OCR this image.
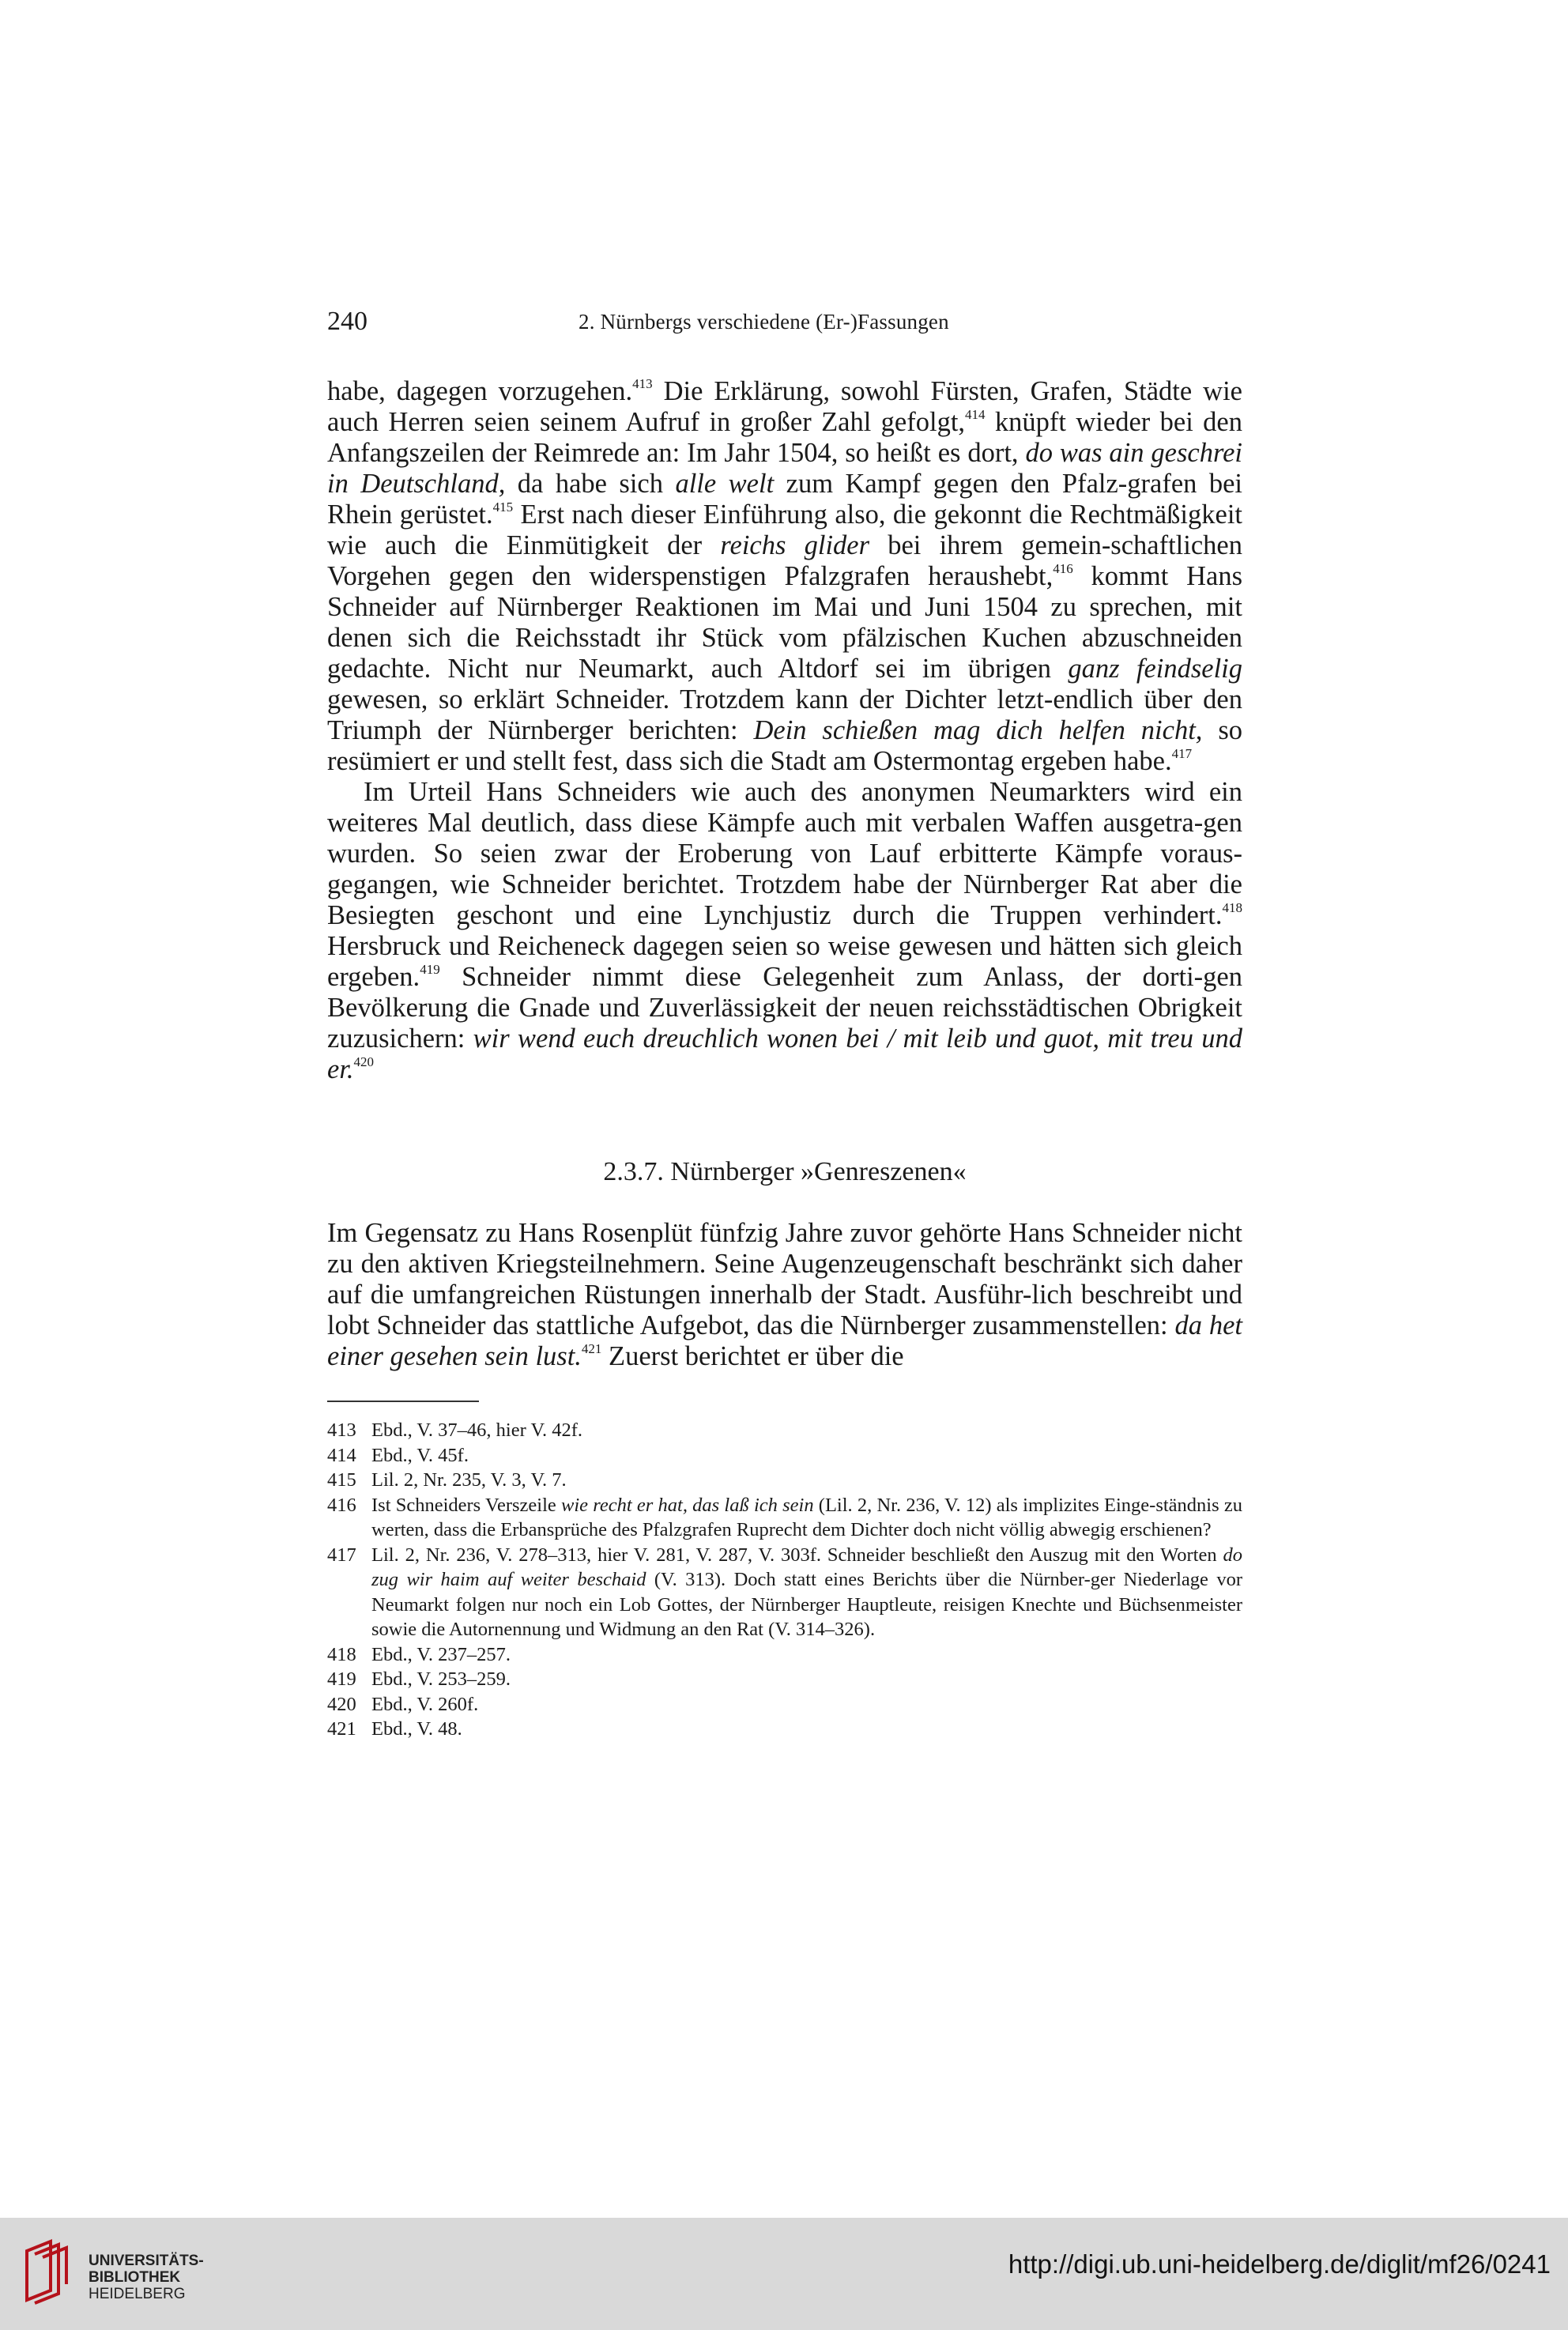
240	2. Nürnbergs verschiedene (Er-)Fassungen

habe, dagegen vorzugehen.$^{413}$ Die Erklärung, sowohl Fürsten, Grafen, Städte wie auch Herren seien seinem Aufruf in großer Zahl gefolgt,$^{414}$ knüpft wieder bei den Anfangszeilen der Reimrede an: Im Jahr 1504, so heißt es dort, do was ain geschrei in Deutschland, da habe sich alle welt zum Kampf gegen den Pfalz-grafen bei Rhein gerüstet.$^{415}$ Erst nach dieser Einführung also, die gekonnt die Rechtmäßigkeit wie auch die Einmütigkeit der reichs glider bei ihrem gemein-schaftlichen Vorgehen gegen den widerspenstigen Pfalzgrafen heraushebt,$^{416}$ kommt Hans Schneider auf Nürnberger Reaktionen im Mai und Juni 1504 zu sprechen, mit denen sich die Reichsstadt ihr Stück vom pfälzischen Kuchen abzuschneiden gedachte. Nicht nur Neumarkt, auch Altdorf sei im übrigen ganz feindselig gewesen, so erklärt Schneider. Trotzdem kann der Dichter letzt-endlich über den Triumph der Nürnberger berichten: Dein schießen mag dich helfen nicht, so resümiert er und stellt fest, dass sich die Stadt am Ostermontag ergeben habe.$^{417}$

Im Urteil Hans Schneiders wie auch des anonymen Neumarkters wird ein weiteres Mal deutlich, dass diese Kämpfe auch mit verbalen Waffen ausgetra-gen wurden. So seien zwar der Eroberung von Lauf erbitterte Kämpfe voraus-gegangen, wie Schneider berichtet. Trotzdem habe der Nürnberger Rat aber die Besiegten geschont und eine Lynchjustiz durch die Truppen verhindert.$^{418}$ Hersbruck und Reicheneck dagegen seien so weise gewesen und hätten sich gleich ergeben.$^{419}$ Schneider nimmt diese Gelegenheit zum Anlass, der dorti-gen Bevölkerung die Gnade und Zuverlässigkeit der neuen reichsstädtischen Obrigkeit zuzusichern: wir wend euch dreuchlich wonen bei / mit leib und guot, mit treu und er.$^{420}$

2.3.7. Nürnberger »Genreszenen«

Im Gegensatz zu Hans Rosenplüt fünfzig Jahre zuvor gehörte Hans Schneider nicht zu den aktiven Kriegsteilnehmern. Seine Augenzeugenschaft beschränkt sich daher auf die umfangreichen Rüstungen innerhalb der Stadt. Ausführ-lich beschreibt und lobt Schneider das stattliche Aufgebot, das die Nürnberger zusammenstellen: da het einer gesehen sein lust.$^{421}$ Zuerst berichtet er über die

413 Ebd., V. 37–46, hier V. 42f.
414 Ebd., V. 45f.
415 Lil. 2, Nr. 235, V. 3, V. 7.
416 Ist Schneiders Verszeile wie recht er hat, das laß ich sein (Lil. 2, Nr. 236, V. 12) als implizites Einge-ständnis zu werten, dass die Erbansprüche des Pfalzgrafen Ruprecht dem Dichter doch nicht völlig abwegig erschienen?
417 Lil. 2, Nr. 236, V. 278–313, hier V. 281, V. 287, V. 303f. Schneider beschließt den Auszug mit den Worten do zug wir haim auf weiter beschaid (V. 313). Doch statt eines Berichts über die Nürnber-ger Niederlage vor Neumarkt folgen nur noch ein Lob Gottes, der Nürnberger Hauptleute, reisigen Knechte und Büchsenmeister sowie die Autornennung und Widmung an den Rat (V. 314–326).
418 Ebd., V. 237–257.
419 Ebd., V. 253–259.
420 Ebd., V. 260f.
421 Ebd., V. 48.
UNIVERSITÄTS-
BIBLIOTHEK
HEIDELBERG
http://digi.ub.uni-heidelberg.de/diglit/mf26/0241
